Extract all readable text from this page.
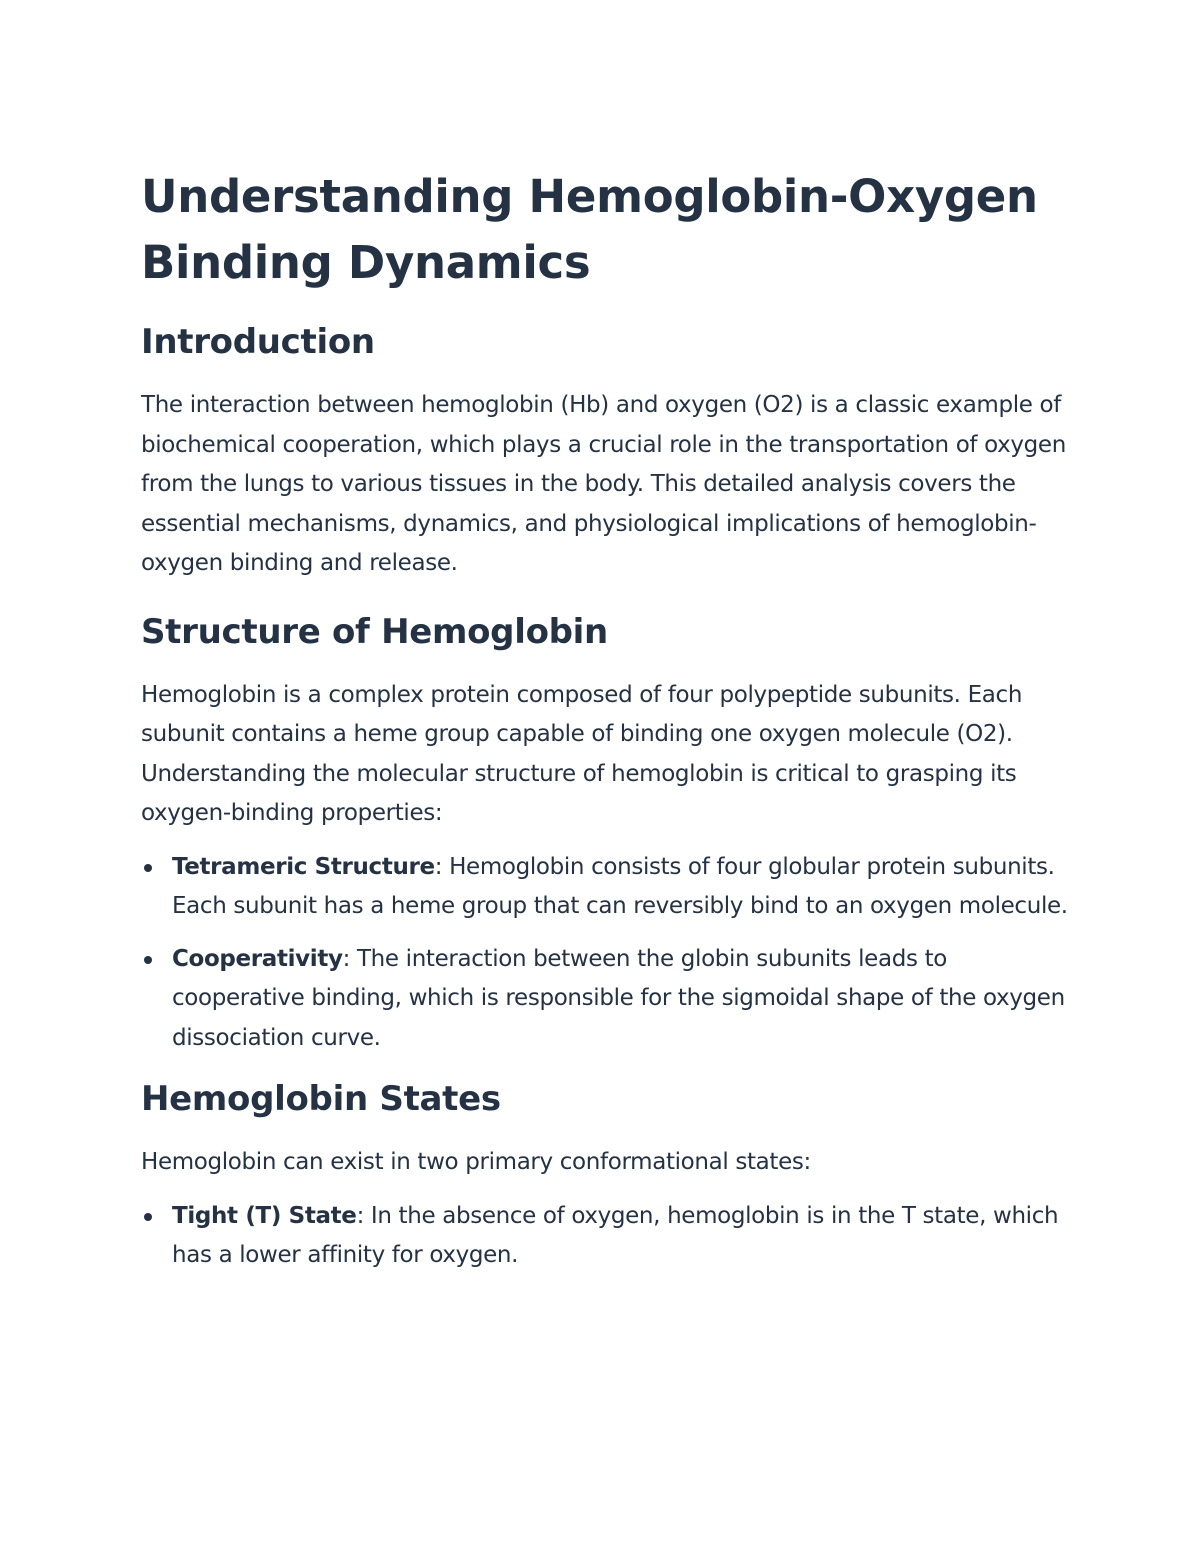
Understanding Hemoglobin-Oxygen Binding Dynamics
Introduction

The interaction between hemoglobin (Hb) and oxygen (O2) is a classic example of biochemical cooperation, which plays a crucial role in the transportation of oxygen from the lungs to various tissues in the body. This detailed analysis covers the essential mechanisms, dynamics, and physiological implications of hemoglobin-oxygen binding and release.

Structure of Hemoglobin

Hemoglobin is a complex protein composed of four polypeptide subunits. Each subunit contains a heme group capable of binding one oxygen molecule (O2). Understanding the molecular structure of hemoglobin is critical to grasping its oxygen-binding properties:

Tetrameric Structure: Hemoglobin consists of four globular protein subunits. Each subunit has a heme group that can reversibly bind to an oxygen molecule.
Cooperativity: The interaction between the globin subunits leads to cooperative binding, which is responsible for the sigmoidal shape of the oxygen dissociation curve.
Hemoglobin States

Hemoglobin can exist in two primary conformational states:

Tight (T) State: In the absence of oxygen, hemoglobin is in the T state, which has a lower affinity for oxygen.
